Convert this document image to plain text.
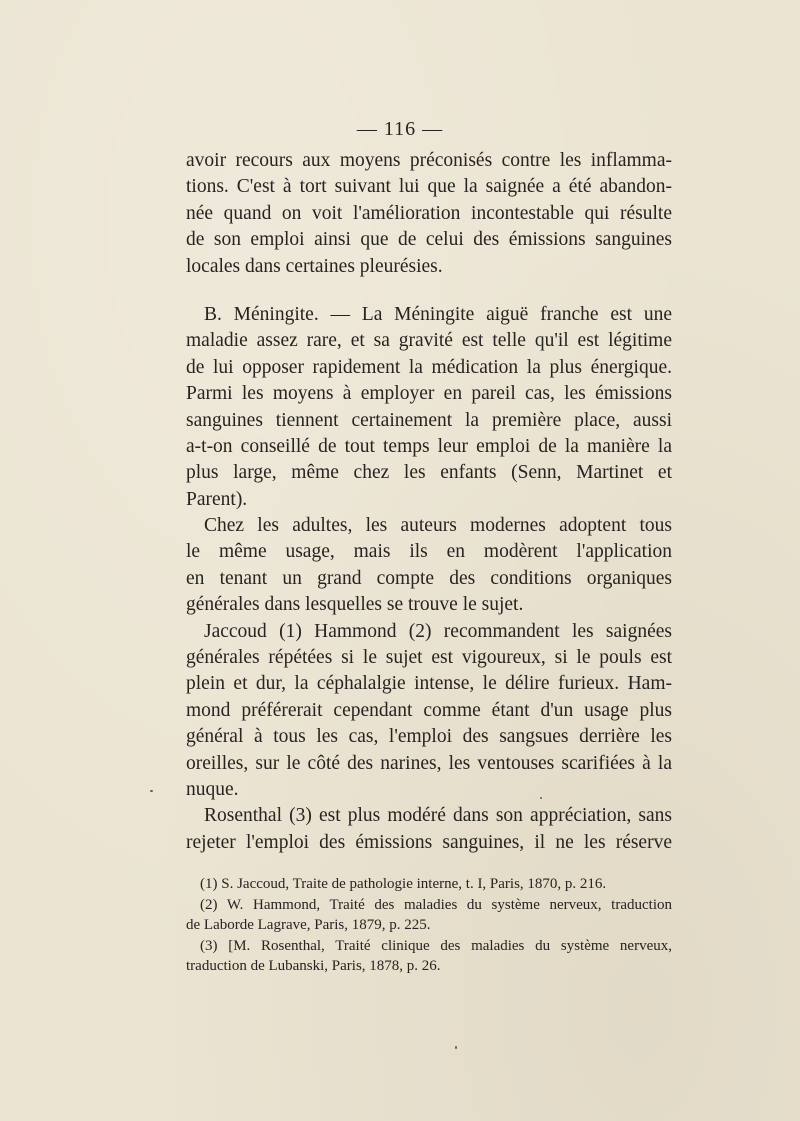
— 116 —
avoir recours aux moyens préconisés contre les inflamma-
tions. C'est à tort suivant lui que la saignée a été abandon-
née quand on voit l'amélioration incontestable qui résulte
de son emploi ainsi que de celui des émissions sanguines
locales dans certaines pleurésies.
B. Méningite. — La Méningite aiguë franche est une
maladie assez rare, et sa gravité est telle qu'il est légitime
de lui opposer rapidement la médication la plus énergique.
Parmi les moyens à employer en pareil cas, les émissions
sanguines tiennent certainement la première place, aussi
a-t-on conseillé de tout temps leur emploi de la manière la
plus large, même chez les enfants (Senn, Martinet et
Parent).
Chez les adultes, les auteurs modernes adoptent tous
le même usage, mais ils en modèrent l'application
en tenant un grand compte des conditions organiques
générales dans lesquelles se trouve le sujet.
Jaccoud (1) Hammond (2) recommandent les saignées
générales répétées si le sujet est vigoureux, si le pouls est
plein et dur, la céphalalgie intense, le délire furieux. Ham-
mond préférerait cependant comme étant d'un usage plus
général à tous les cas, l'emploi des sangsues derrière les
oreilles, sur le côté des narines, les ventouses scarifiées à la
nuque.
Rosenthal (3) est plus modéré dans son appréciation, sans
rejeter l'emploi des émissions sanguines, il ne les réserve
(1) S. Jaccoud, Traite de pathologie interne, t. I, Paris, 1870, p. 216.
(2) W. Hammond, Traité des maladies du système nerveux, traduction
de Laborde Lagrave, Paris, 1879, p. 225.
(3) [M. Rosenthal, Traité clinique des maladies du système nerveux,
traduction de Lubanski, Paris, 1878, p. 26.
